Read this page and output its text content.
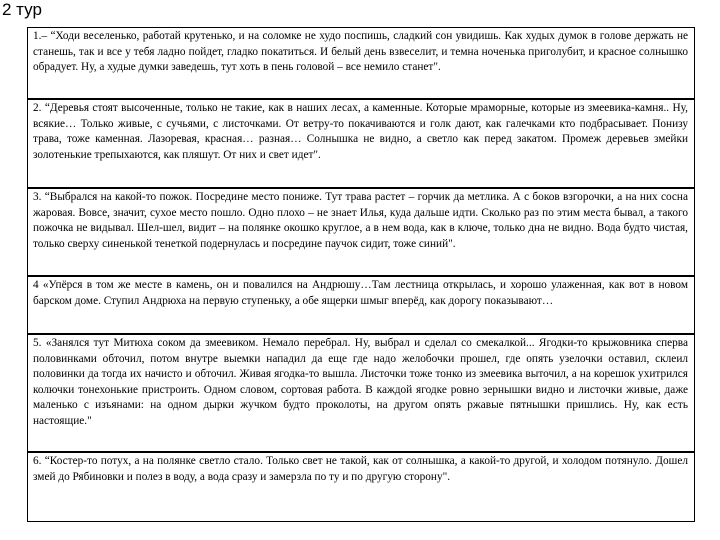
2 тур
1.– “Ходи веселенько, работай крутенько, и на соломке не худо поспишь, сладкий сон увидишь. Как худых думок в голове держать не станешь, так и все у тебя ладно пойдет, гладко покатиться. И белый день взвеселит, и темна ноченька приголубит, и красное солнышко обрадует. Ну, а худые думки заведешь, тут хоть в пень головой – все немило станет".
2. “Деревья стоят высоченные, только не такие, как в наших лесах, а каменные. Которые мраморные, которые из змеевика-камня.. Ну, всякие… Только живые, с сучьями, с листочками. От ветру-то покачиваются и голк дают, как галечками кто подбрасывает. Понизу трава, тоже каменная. Лазоревая, красная… разная… Солнышка не видно, а светло как перед закатом. Промеж деревьев змейки золотенькие трепыхаются, как пляшут. От них и свет идет".
3. “Выбрался на какой-то пожок. Посредине место пониже. Тут трава растет – горчик да метлика. А с боков взгорочки, а на них сосна жаровая. Вовсе, значит, сухое место пошло. Одно плохо – не знает Илья, куда дальше идти. Сколько раз по этим места бывал, а такого пожочка не видывал. Шел-шел, видит – на полянке окошко круглое, а в нем вода, как в ключе, только дна не видно. Вода будто чистая, только сверху синенькой тенеткой подернулась и посредине паучок сидит, тоже синий".
4 «Упёрся в том же месте в камень, он и повалился на Андрюшу…Там лестница открылась, и хорошо улаженная, как вот в новом барском доме. Ступил Андрюха на первую ступеньку, а обе ящерки шмыг вперёд, как дорогу показывают…
5. «Занялся тут Митюха соком да змеевиком. Немало перебрал. Ну, выбрал и сделал со смекалкой... Ягодки-то крыжовника сперва половинками обточил, потом внутре выемки нападил да еще где надо желобочки прошел, где опять узелочки оставил, склеил половинки да тогда их начисто и обточил. Живая ягодка-то вышла. Листочки тоже тонко из змеевика выточил, а на корешок ухитрился колючки тонехонькие пристроить. Одном словом, сортовая работа. В каждой ягодке ровно зернышки видно и листочки живые, даже маленько с изъянами: на одном дырки жучком будто проколоты, на другом опять ржавые пятнышки пришлись. Ну, как есть настоящие."
6. “Костер-то потух, а на полянке светло стало. Только свет не такой, как от солнышка, а какой-то другой, и холодом потянуло. Дошел змей до Рябиновки и полез в воду, а вода сразу и замерзла по ту и по другую сторону".
